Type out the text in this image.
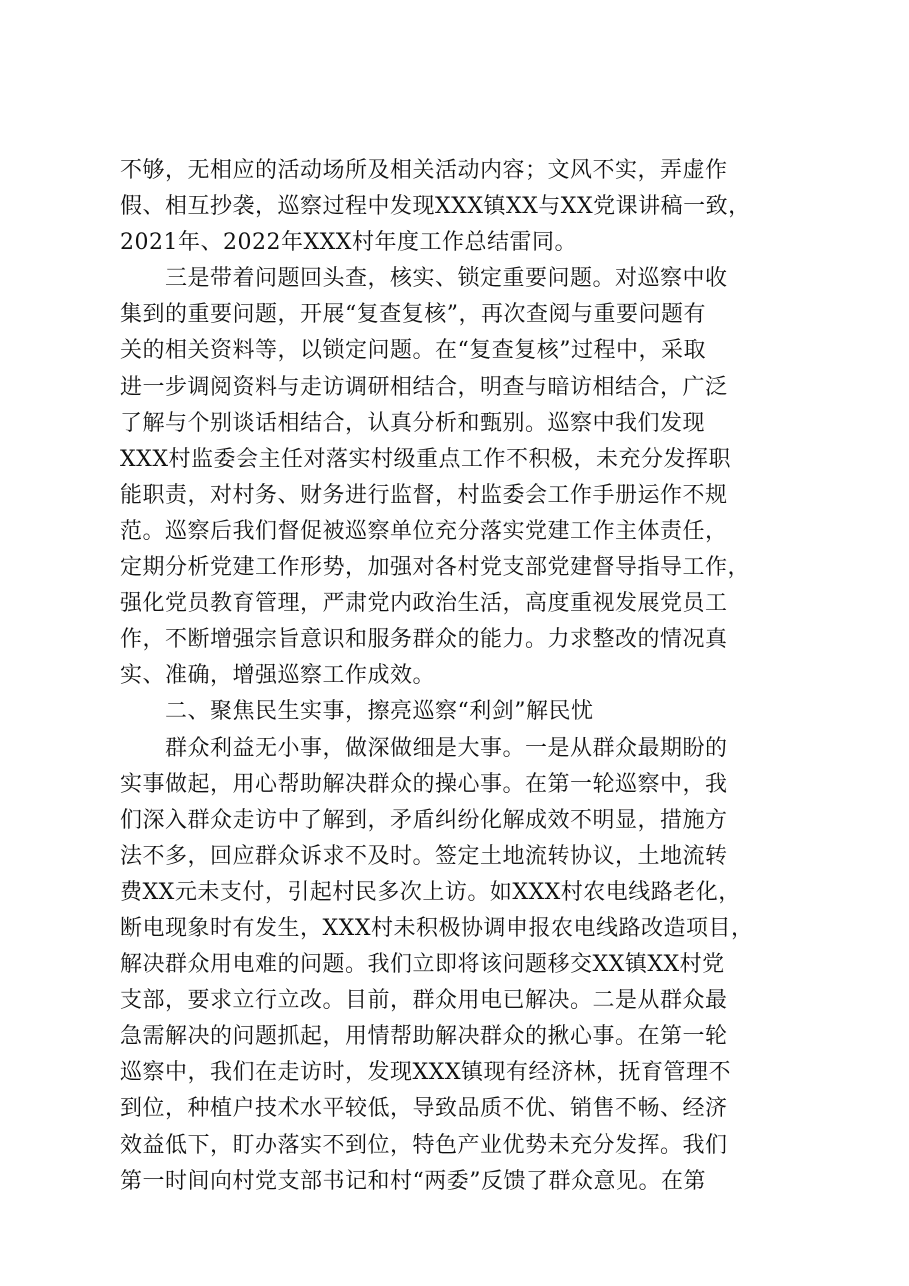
不够，无相应的活动场所及相关活动内容；文风不实，弄虚作
假、相互抄袭，巡察过程中发现XXX镇XX与XX党课讲稿一致，
2021年、2022年XXX村年度工作总结雷同。
三是带着问题回头查，核实、锁定重要问题。对巡察中收
集到的重要问题，开展“复查复核”，再次查阅与重要问题有
关的相关资料等，以锁定问题。在“复查复核”过程中，采取
进一步调阅资料与走访调研相结合，明查与暗访相结合，广泛
了解与个别谈话相结合，认真分析和甄别。巡察中我们发现
XXX村监委会主任对落实村级重点工作不积极，未充分发挥职
能职责，对村务、财务进行监督，村监委会工作手册运作不规
范。巡察后我们督促被巡察单位充分落实党建工作主体责任，
定期分析党建工作形势，加强对各村党支部党建督导指导工作，
强化党员教育管理，严肃党内政治生活，高度重视发展党员工
作，不断增强宗旨意识和服务群众的能力。力求整改的情况真
实、准确，增强巡察工作成效。
二、聚焦民生实事，擦亮巡察“利剑”解民忧
群众利益无小事，做深做细是大事。一是从群众最期盼的
实事做起，用心帮助解决群众的操心事。在第一轮巡察中，我
们深入群众走访中了解到，矛盾纠纷化解成效不明显，措施方
法不多，回应群众诉求不及时。签定土地流转协议，土地流转
费XX元未支付，引起村民多次上访。如XXX村农电线路老化，
断电现象时有发生，XXX村未积极协调申报农电线路改造项目，
解决群众用电难的问题。我们立即将该问题移交XX镇XX村党
支部，要求立行立改。目前，群众用电已解决。二是从群众最
急需解决的问题抓起，用情帮助解决群众的揪心事。在第一轮
巡察中，我们在走访时，发现XXX镇现有经济林，抚育管理不
到位，种植户技术水平较低，导致品质不优、销售不畅、经济
效益低下，盯办落实不到位，特色产业优势未充分发挥。我们
第一时间向村党支部书记和村“两委”反馈了群众意见。在第
